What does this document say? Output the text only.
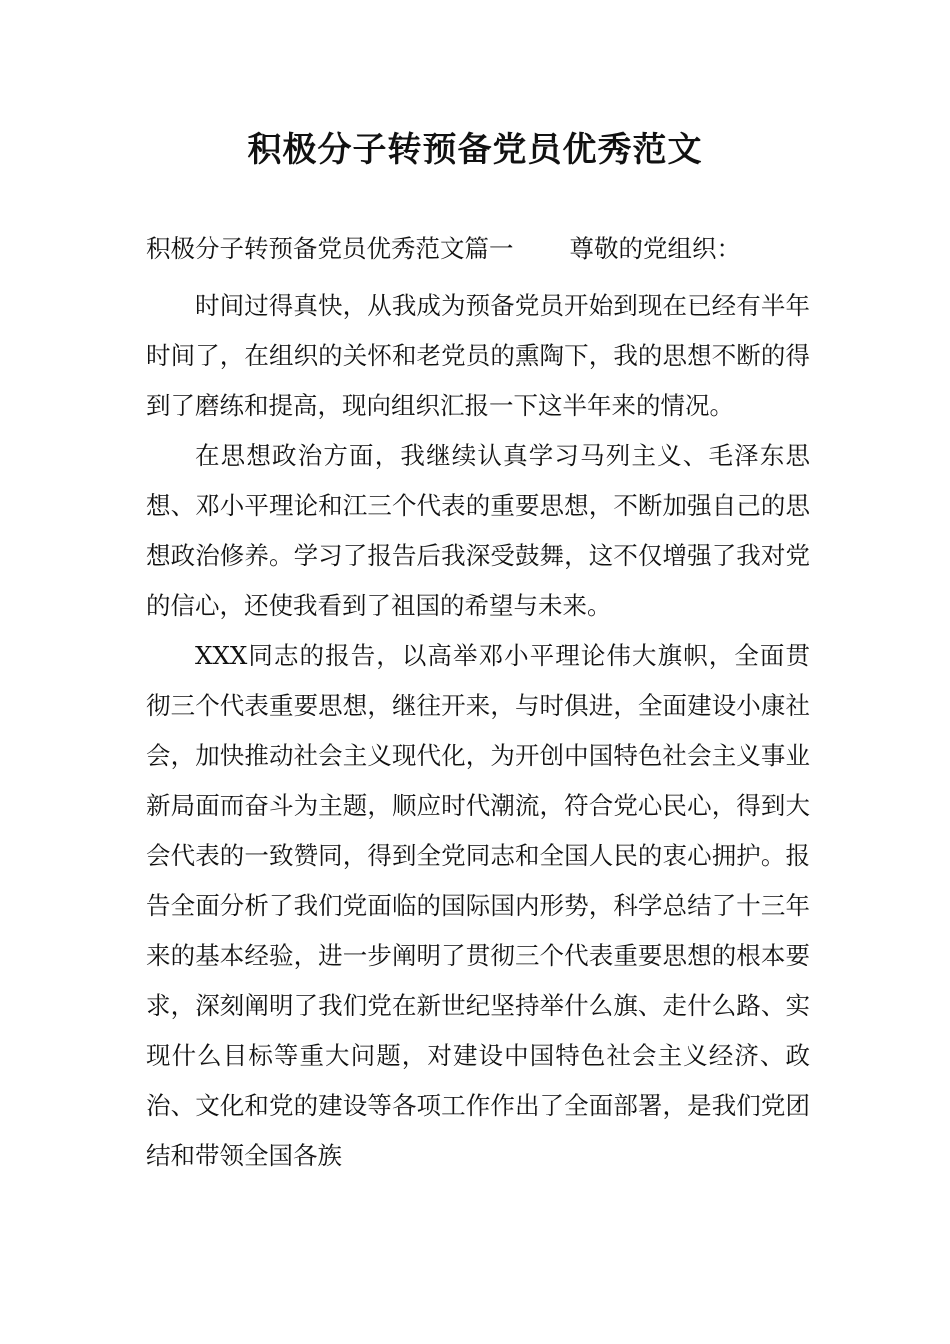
积极分子转预备党员优秀范文

积极分子转预备党员优秀范文篇一 尊敬的党组织：

时间过得真快，从我成为预备党员开始到现在已经有半年时间了，在组织的关怀和老党员的熏陶下，我的思想不断的得到了磨练和提高，现向组织汇报一下这半年来的情况。

在思想政治方面，我继续认真学习马列主义、毛泽东思想、邓小平理论和江三个代表的重要思想，不断加强自己的思想政治修养。学习了报告后我深受鼓舞，这不仅增强了我对党的信心，还使我看到了祖国的希望与未来。

XXX同志的报告，以高举邓小平理论伟大旗帜，全面贯彻三个代表重要思想，继往开来，与时俱进，全面建设小康社会，加快推动社会主义现代化，为开创中国特色社会主义事业新局面而奋斗为主题，顺应时代潮流，符合党心民心，得到大会代表的一致赞同，得到全党同志和全国人民的衷心拥护。报告全面分析了我们党面临的国际国内形势，科学总结了十三年来的基本经验，进一步阐明了贯彻三个代表重要思想的根本要求，深刻阐明了我们党在新世纪坚持举什么旗、走什么路、实现什么目标等重大问题，对建设中国特色社会主义经济、政治、文化和党的建设等各项工作作出了全面部署，是我们党团结和带领全国各族
